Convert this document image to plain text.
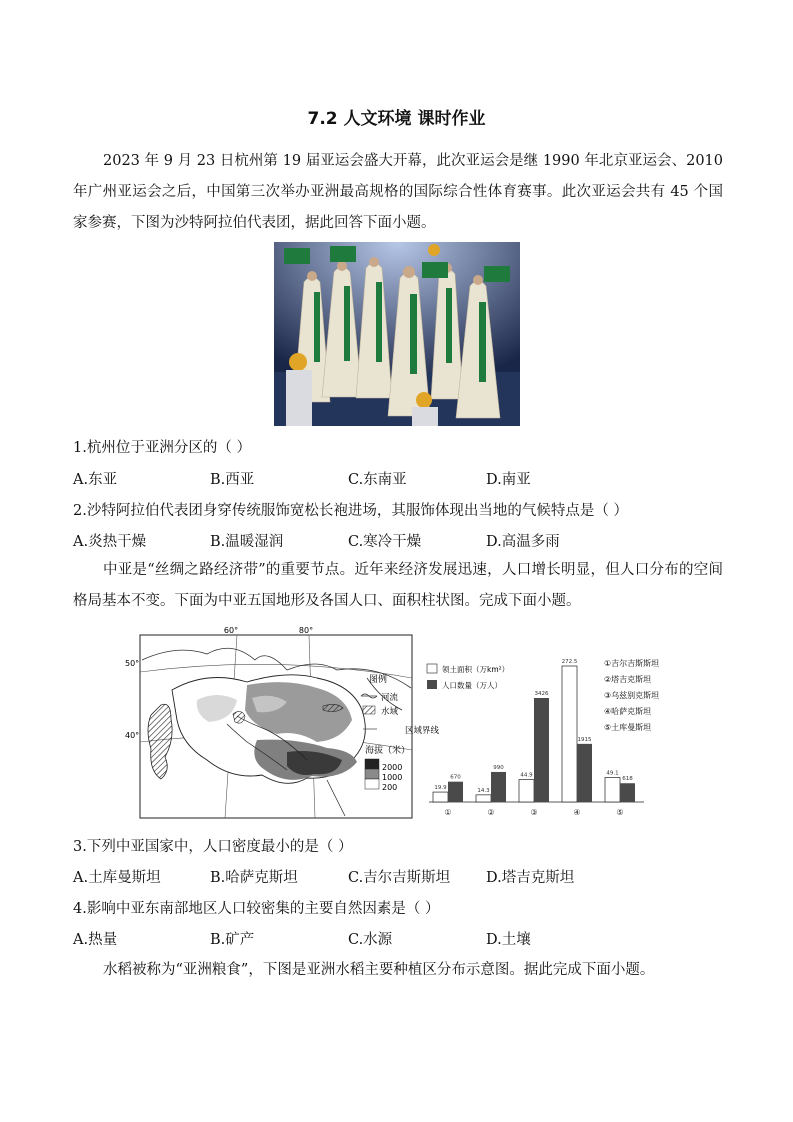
7.2 人文环境 课时作业

2023 年 9 月 23 日杭州第 19 届亚运会盛大开幕，此次亚运会是继 1990 年北京亚运会、2010 年广州亚运会之后，中国第三次举办亚洲最高规格的国际综合性体育赛事。此次亚运会共有 45 个国家参赛，下图为沙特阿拉伯代表团，据此回答下面小题。

1.杭州位于亚洲分区的（ ）
A.东亚	B.西亚	C.东南亚	D.南亚
2.沙特阿拉伯代表团身穿传统服饰宽松长袍进场，其服饰体现出当地的气候特点是（ ）
A.炎热干燥	B.温暖湿润	C.寒冷干燥	D.高温多雨

中亚是“丝绸之路经济带”的重要节点。近年来经济发展迅速，人口增长明显，但人口分布的空间格局基本不变。下面为中亚五国地形及各国人口、面积柱状图。完成下面小题。

60°	80°
50°
40°
图例
河流
水域
区域界线
海拔（米）
2000
1000
200
领土面积（万km²）
人口数量（万人）
①吉尔吉斯斯坦
②塔吉克斯坦
③乌兹别克斯坦
④哈萨克斯坦
⑤土库曼斯坦
19.9
670
①
14.3
990
②
44.9
3426
③
272.5
1915
④
49.1
618
⑤
3.下列中亚国家中，人口密度最小的是（ ）
A.土库曼斯坦	B.哈萨克斯坦	C.吉尔吉斯斯坦 D.塔吉克斯坦
4.影响中亚东南部地区人口较密集的主要自然因素是（ ）
A.热量	B.矿产	C.水源	D.土壤

水稻被称为“亚洲粮食”，下图是亚洲水稻主要种植区分布示意图。据此完成下面小题。
